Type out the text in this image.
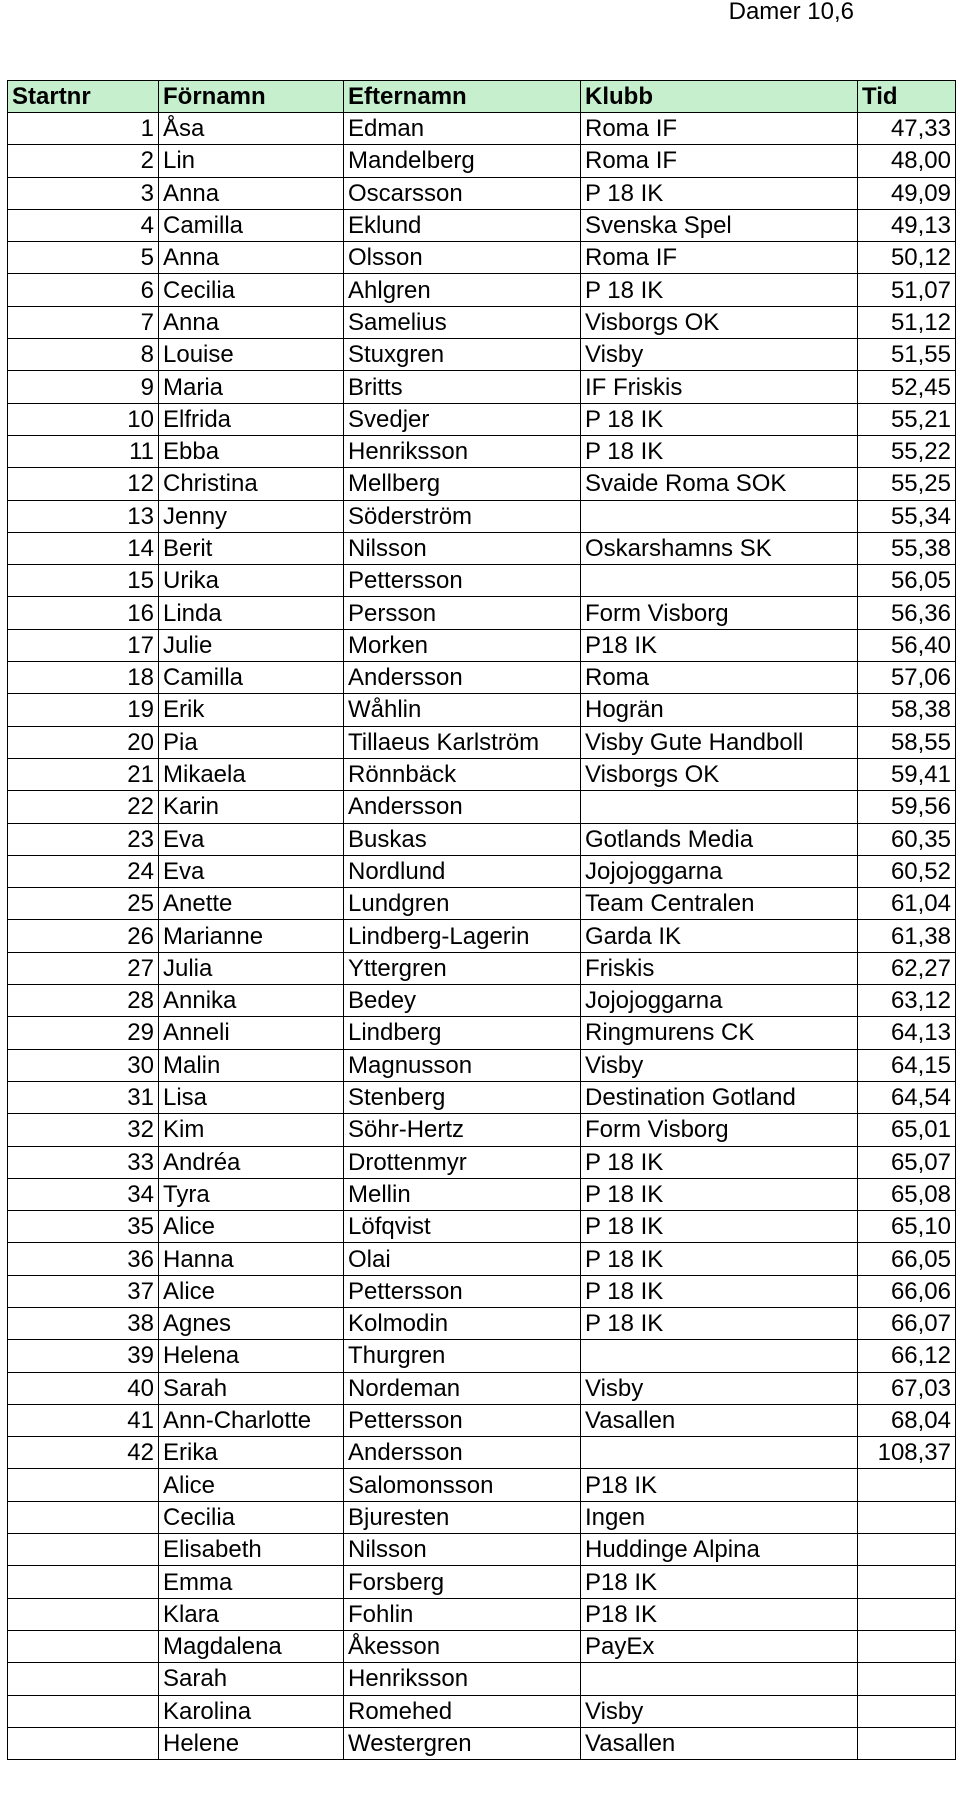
Damer 10,6
Startnr	Förnamn	Efternamn	Klubb	Tid
1	Åsa	Edman	Roma IF	47,33
2	Lin	Mandelberg	Roma IF	48,00
3	Anna	Oscarsson	P 18 IK	49,09
4	Camilla	Eklund	Svenska Spel	49,13
5	Anna	Olsson	Roma IF	50,12
6	Cecilia	Ahlgren	P 18 IK	51,07
7	Anna	Samelius	Visborgs OK	51,12
8	Louise	Stuxgren	Visby	51,55
9	Maria	Britts	IF Friskis	52,45
10	Elfrida	Svedjer	P 18 IK	55,21
11	Ebba	Henriksson	P 18 IK	55,22
12	Christina	Mellberg	Svaide Roma SOK	55,25
13	Jenny	Söderström		55,34
14	Berit	Nilsson	Oskarshamns SK	55,38
15	Urika	Pettersson		56,05
16	Linda	Persson	Form Visborg	56,36
17	Julie	Morken	P18 IK	56,40
18	Camilla	Andersson	Roma	57,06
19	Erik	Wåhlin	Hogrän	58,38
20	Pia	Tillaeus Karlström	Visby Gute Handboll	58,55
21	Mikaela	Rönnbäck	Visborgs OK	59,41
22	Karin	Andersson		59,56
23	Eva	Buskas	Gotlands Media	60,35
24	Eva	Nordlund	Jojojoggarna	60,52
25	Anette	Lundgren	Team Centralen	61,04
26	Marianne	Lindberg-Lagerin	Garda IK	61,38
27	Julia	Yttergren	Friskis	62,27
28	Annika	Bedey	Jojojoggarna	63,12
29	Anneli	Lindberg	Ringmurens CK	64,13
30	Malin	Magnusson	Visby	64,15
31	Lisa	Stenberg	Destination Gotland	64,54
32	Kim	Söhr-Hertz	Form Visborg	65,01
33	Andréa	Drottenmyr	P 18 IK	65,07
34	Tyra	Mellin	P 18 IK	65,08
35	Alice	Löfqvist	P 18 IK	65,10
36	Hanna	Olai	P 18 IK	66,05
37	Alice	Pettersson	P 18 IK	66,06
38	Agnes	Kolmodin	P 18 IK	66,07
39	Helena	Thurgren		66,12
40	Sarah	Nordeman	Visby	67,03
41	Ann-Charlotte	Pettersson	Vasallen	68,04
42	Erika	Andersson		108,37
	Alice	Salomonsson	P18 IK	
	Cecilia	Bjuresten	Ingen	
	Elisabeth	Nilsson	Huddinge Alpina	
	Emma	Forsberg	P18 IK	
	Klara	Fohlin	P18 IK	
	Magdalena	Åkesson	PayEx	
	Sarah	Henriksson		
	Karolina	Romehed	Visby	
	Helene	Westergren	Vasallen	
